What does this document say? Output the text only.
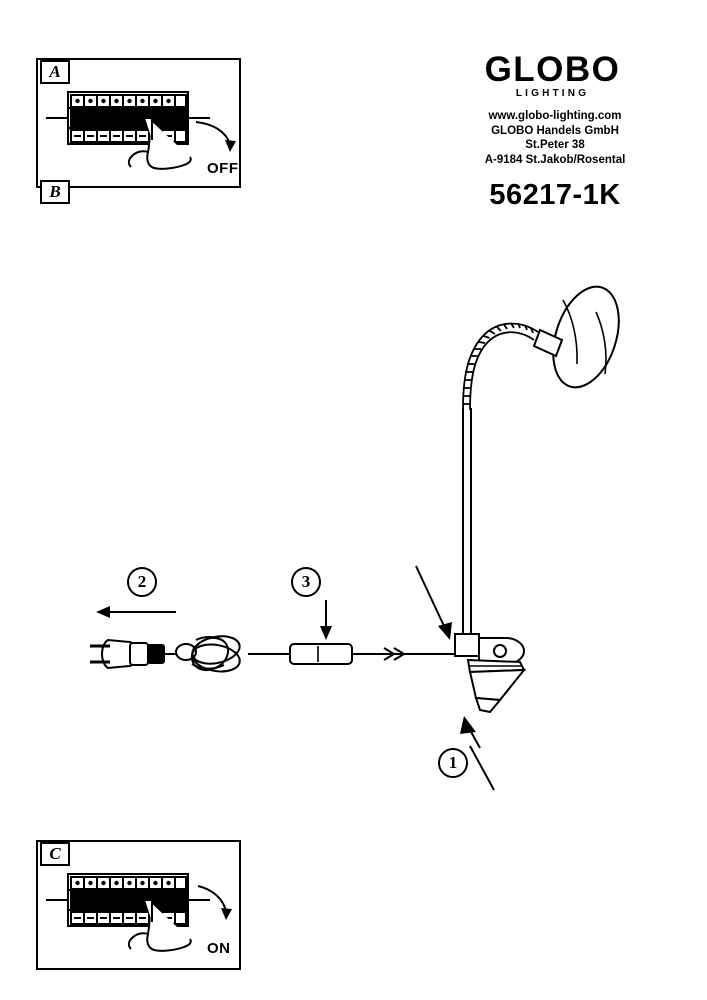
GLOBO
LIGHTING
www.globo-lighting.com
GLOBO Handels GmbH
St.Peter 38
A-9184 St.Jakob/Rosental
56217-1K
A
B
OFF
C
ON
1
2	3
